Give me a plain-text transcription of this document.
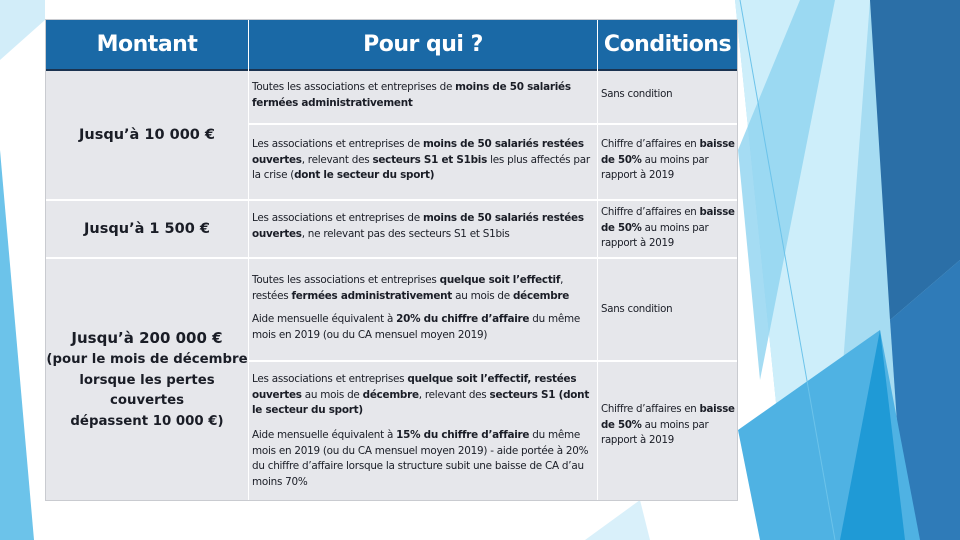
Montant	Pour qui ?	Conditions
Jusqu’à 10 000 €
Jusqu’à 1 500 €
Jusqu’à 200 000 €
(pour le mois de décembre
lorsque les pertes couvertes
dépassent 10 000 €)
Toutes les associations et entreprises de moins de 50 salariés fermées administrativement
Sans condition
Les associations et entreprises de moins de 50 salariés restées ouvertes, relevant des secteurs S1 et S1bis les plus affectés par la crise (dont le secteur du sport)
Chiffre d’affaires en baisse de 50% au moins par rapport à 2019
Les associations et entreprises de moins de 50 salariés restées ouvertes, ne relevant pas des secteurs S1 et S1bis
Chiffre d’affaires en baisse de 50% au moins par rapport à 2019
Toutes les associations et entreprises quelque soit l’effectif, restées fermées administrativement au mois de décembre
Aide mensuelle équivalent à 20% du chiffre d’affaire du même mois en 2019 (ou du CA mensuel moyen 2019)
Sans condition
Les associations et entreprises quelque soit l’effectif, restées ouvertes au mois de décembre, relevant des secteurs S1 (dont le secteur du sport)
Aide mensuelle équivalent à 15% du chiffre d’affaire du même mois en 2019 (ou du CA mensuel moyen 2019) - aide portée à 20% du chiffre d’affaire lorsque la structure subit une baisse de CA d’au moins 70%
Chiffre d’affaires en baisse de 50% au moins par rapport à 2019
